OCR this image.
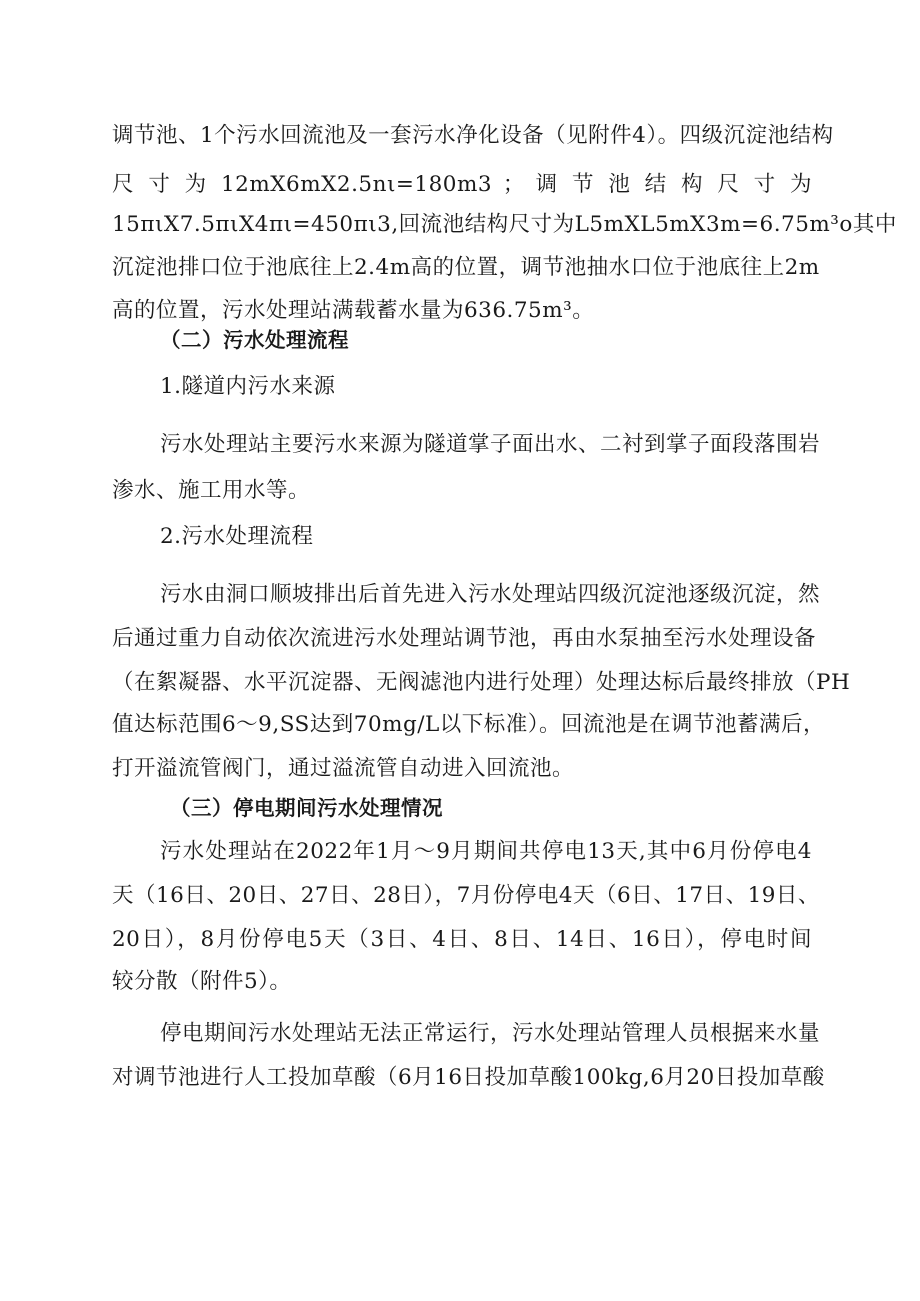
调节池、1个污水回流池及一套污水净化设备（见附件4）。四级沉淀池结构
尺 寸 为 12mX6mX2.5nι=180m3 ； 调 节 池 结 构 尺 寸 为
15πιX7.5πιX4πι=450πι3,回流池结构尺寸为L5mXL5mX3m=6.75m³o其中
沉淀池排口位于池底往上2.4m高的位置，调节池抽水口位于池底往上2m
高的位置，污水处理站满载蓄水量为636.75m³。
（二）污水处理流程
1.隧道内污水来源
污水处理站主要污水来源为隧道掌子面出水、二衬到掌子面段落围岩
渗水、施工用水等。
2.污水处理流程
污水由洞口顺坡排出后首先进入污水处理站四级沉淀池逐级沉淀，然
后通过重力自动依次流进污水处理站调节池，再由水泵抽至污水处理设备
（在絮凝器、水平沉淀器、无阀滤池内进行处理）处理达标后最终排放（PH
值达标范围6〜9,SS达到70mg/L以下标准）。回流池是在调节池蓄满后，
打开溢流管阀门，通过溢流管自动进入回流池。
（三）停电期间污水处理情况
污水处理站在2022年1月〜9月期间共停电13天,其中6月份停电4
天（16日、20日、27日、28日），7月份停电4天（6日、17日、19日、
20日），8月份停电5天（3日、4日、8日、14日、16日），停电时间
较分散（附件5）。
停电期间污水处理站无法正常运行，污水处理站管理人员根据来水量
对调节池进行人工投加草酸（6月16日投加草酸100kg,6月20日投加草酸
